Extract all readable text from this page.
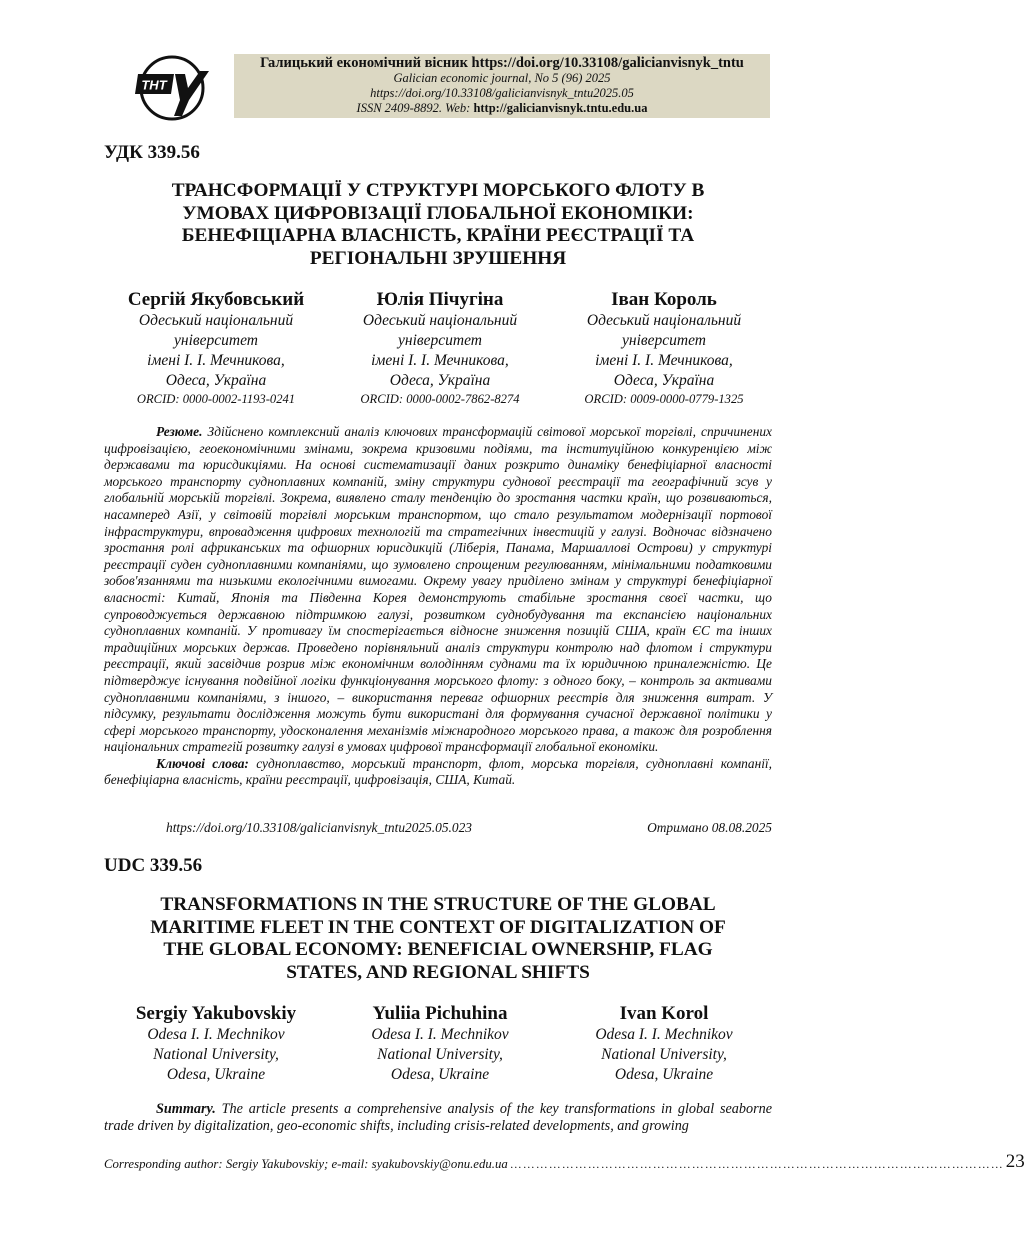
THT
Галицький економічний вісник https://doi.org/10.33108/galicianvisnyk_tntu
Galician economic journal, No 5 (96) 2025
https://doi.org/10.33108/galicianvisnyk_tntu2025.05
ISSN 2409-8892. Web: http://galicianvisnyk.tntu.edu.ua
УДК 339.56
ТРАНСФОРМАЦІЇ У СТРУКТУРІ МОРСЬКОГО ФЛОТУ В
УМОВАХ ЦИФРОВІЗАЦІЇ ГЛОБАЛЬНОЇ ЕКОНОМІКИ:
БЕНЕФІЦІАРНА ВЛАСНІСТЬ, КРАЇНИ РЕЄСТРАЦІЇ ТА
РЕГІОНАЛЬНІ ЗРУШЕННЯ
Сергій Якубовський
Одеський національний
університет
імені І. І. Мечникова,
Одеса, Україна
ORCID: 0000-0002-1193-0241
Юлія Пічугіна
Одеський національний
університет
імені І. І. Мечникова,
Одеса, Україна
ORCID: 0000-0002-7862-8274
Іван Король
Одеський національний
університет
імені І. І. Мечникова,
Одеса, Україна
ORCID: 0009-0000-0779-1325

Резюме. Здійснено комплексний аналіз ключових трансформацій світової морської торгівлі, спричинених цифровізацією, геоекономічними змінами, зокрема кризовими подіями, та інституційною конкуренцією між державами та юрисдикціями. На основі систематизації даних розкрито динаміку бенефіціарної власності морського транспорту судноплавних компаній, зміну структури суднової реєстрації та географічний зсув у глобальній морській торгівлі. Зокрема, виявлено сталу тенденцію до зростання частки країн, що розвиваються, насамперед Азії, у світовій торгівлі морським транспортом, що стало результатом модернізації портової інфраструктури, впровадження цифрових технологій та стратегічних інвестицій у галузі. Водночас відзначено зростання ролі африканських та офшорних юрисдикцій (Ліберія, Панама, Маршаллові Острови) у структурі реєстрації суден судноплавними компаніями, що зумовлено спрощеним регулюванням, мінімальними податковими зобов'язаннями та низькими екологічними вимогами. Окрему увагу приділено змінам у структурі бенефіціарної власності: Китай, Японія та Південна Корея демонструють стабільне зростання своєї частки, що супроводжується державною підтримкою галузі, розвитком суднобудування та експансією національних судноплавних компаній. У противагу їм спостерігається відносне зниження позицій США, країн ЄС та інших традиційних морських держав. Проведено порівняльний аналіз структури контролю над флотом і структури реєстрації, який засвідчив розрив між економічним володінням суднами та їх юридичною приналежністю. Це підтверджує існування подвійної логіки функціонування морського флоту: з одного боку, – контроль за активами судноплавними компаніями, з іншого, – використання переваг офшорних реєстрів для зниження витрат. У підсумку, результати дослідження можуть бути використані для формування сучасної державної політики у сфері морського транспорту, удосконалення механізмів міжнародного морського права, а також для розроблення національних стратегій розвитку галузі в умовах цифрової трансформації глобальної економіки.

Ключові слова: судноплавство, морський транспорт, флот, морська торгівля, судноплавні компанії, бенефіціарна власність, країни реєстрації, цифровізація, США, Китай.

https://doi.org/10.33108/galicianvisnyk_tntu2025.05.023	Отримано 08.08.2025
UDC 339.56
TRANSFORMATIONS IN THE STRUCTURE OF THE GLOBAL
MARITIME FLEET IN THE CONTEXT OF DIGITALIZATION OF
THE GLOBAL ECONOMY: BENEFICIAL OWNERSHIP, FLAG
STATES, AND REGIONAL SHIFTS
Sergiy Yakubovskiy
Odesa I. I. Mechnikov
National University,
Odesa, Ukraine
Yuliia Pichuhina
Odesa I. I. Mechnikov
National University,
Odesa, Ukraine
Ivan Korol
Odesa I. I. Mechnikov
National University,
Odesa, Ukraine

Summary. The article presents a comprehensive analysis of the key transformations in global seaborne trade driven by digitalization, geo-economic shifts, including crisis-related developments, and growing

Corresponding author: Sergiy Yakubovskiy; e-mail: syakubovskiy@onu.edu.ua …………………………………………………………………………………………………… 23
